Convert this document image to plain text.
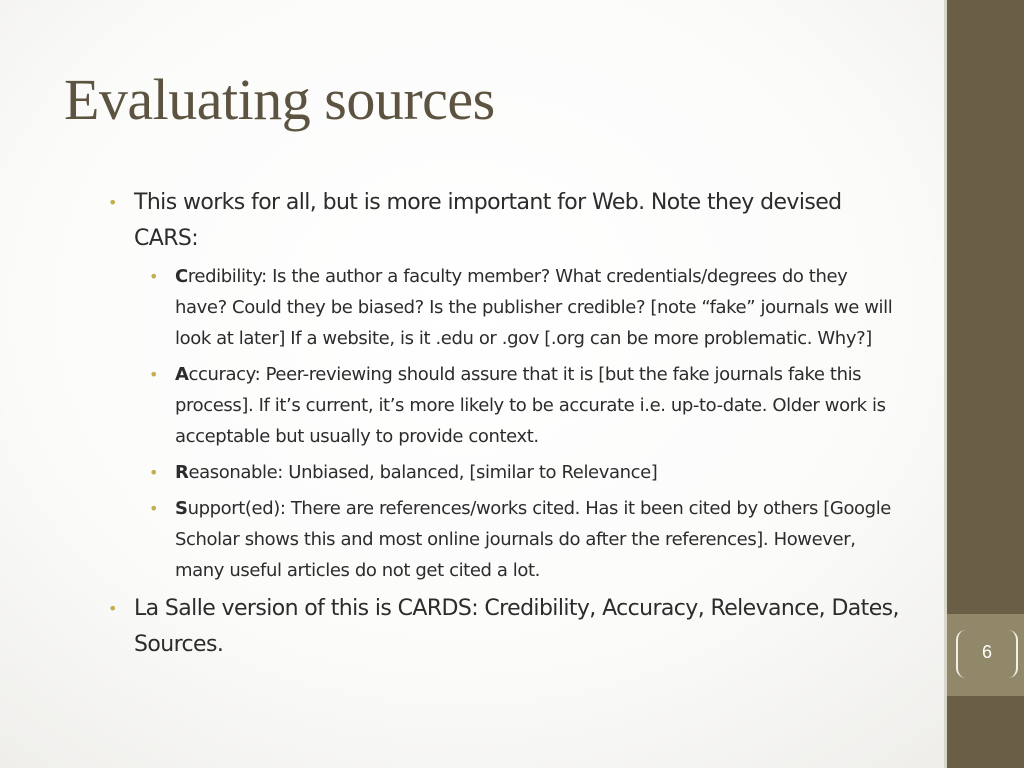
6
Evaluating sources
• This works for all, but is more important for Web. Note they devised CARS:
• Credibility: Is the author a faculty member? What credentials/degrees do they have? Could they be biased? Is the publisher credible? [note “fake” journals we will look at later] If a website, is it .edu or .gov [.org can be more problematic. Why?]
• Accuracy: Peer-reviewing should assure that it is [but the fake journals fake this process]. If it’s current, it’s more likely to be accurate i.e. up-to-date. Older work is acceptable but usually to provide context.
• Reasonable: Unbiased, balanced, [similar to Relevance]
• Support(ed): There are references/works cited. Has it been cited by others [Google Scholar shows this and most online journals do after the references]. However, many useful articles do not get cited a lot.
• La Salle version of this is CARDS: Credibility, Accuracy, Relevance, Dates, Sources.
